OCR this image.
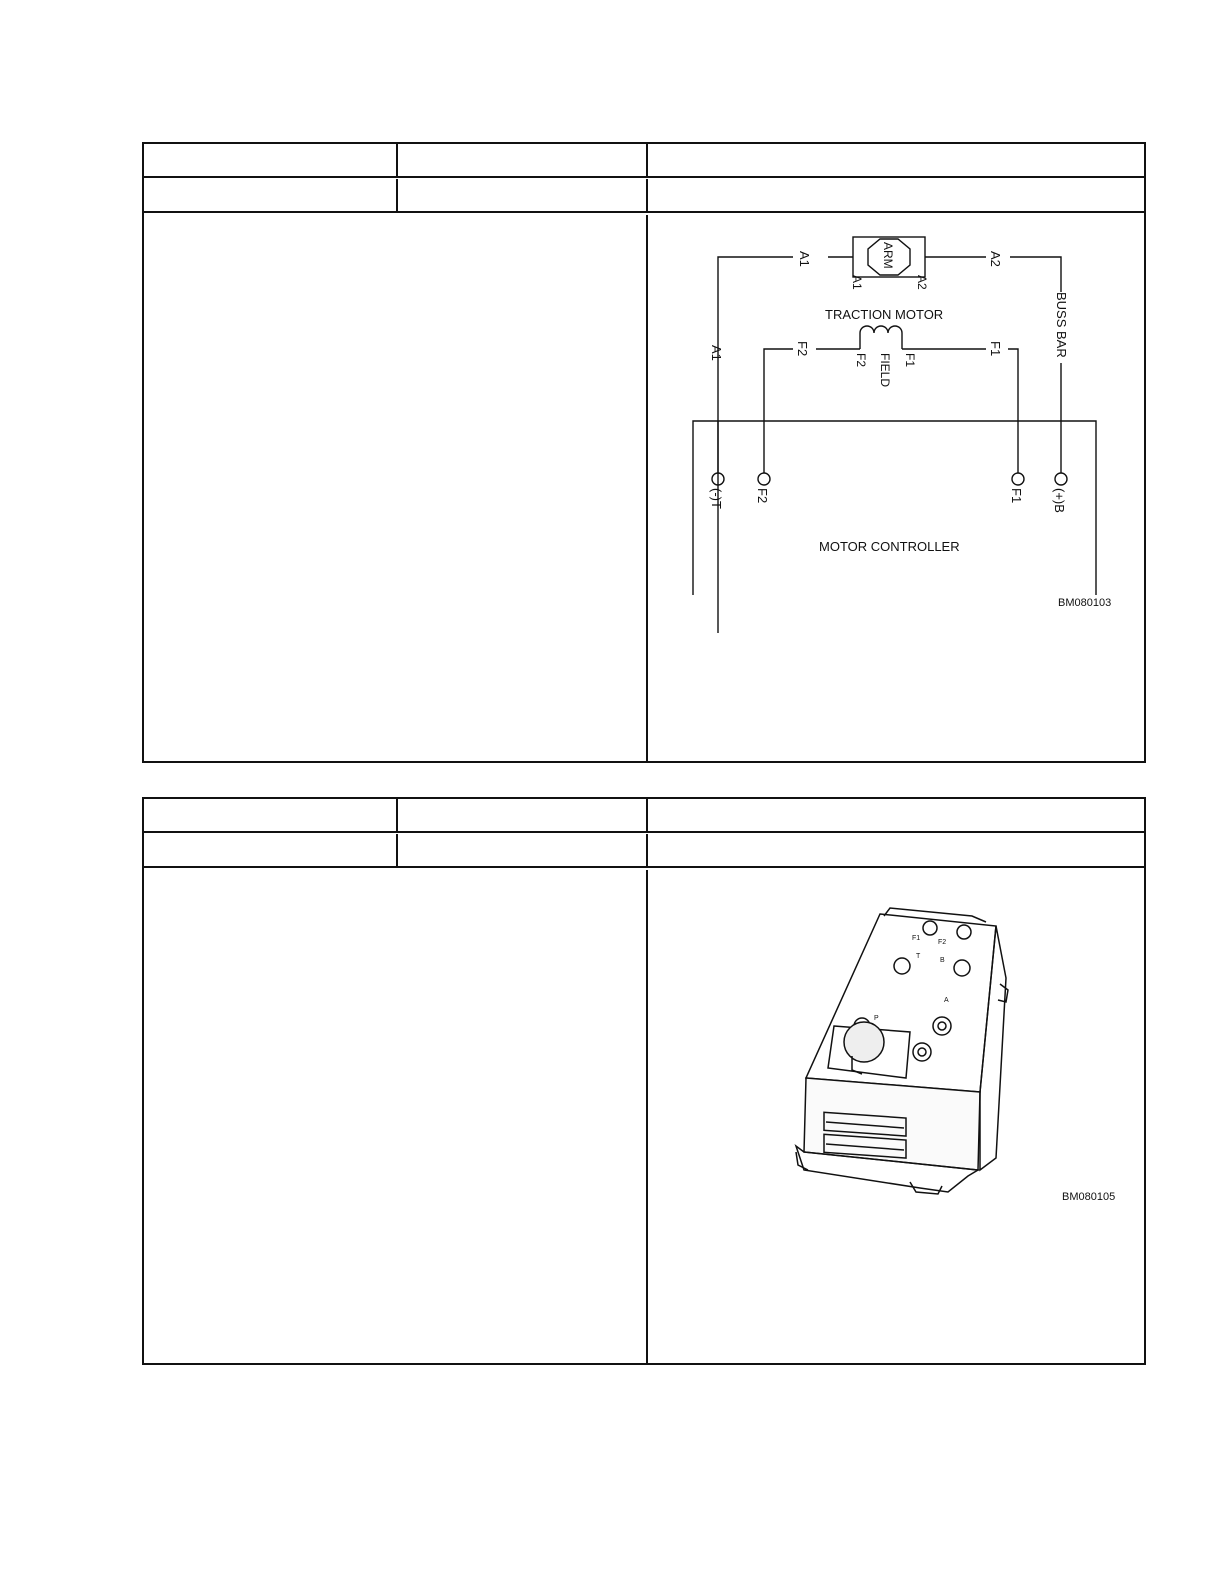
A1	ARM
A1	A2
A2
BUSS BAR
TRACTION MOTOR
A1	F2
F2 FIELD F1
F1
(-)T F2	F1 (+)B
MOTOR CONTROLLER
BM080103
F1
F2
T
B
A
P
BM080105
